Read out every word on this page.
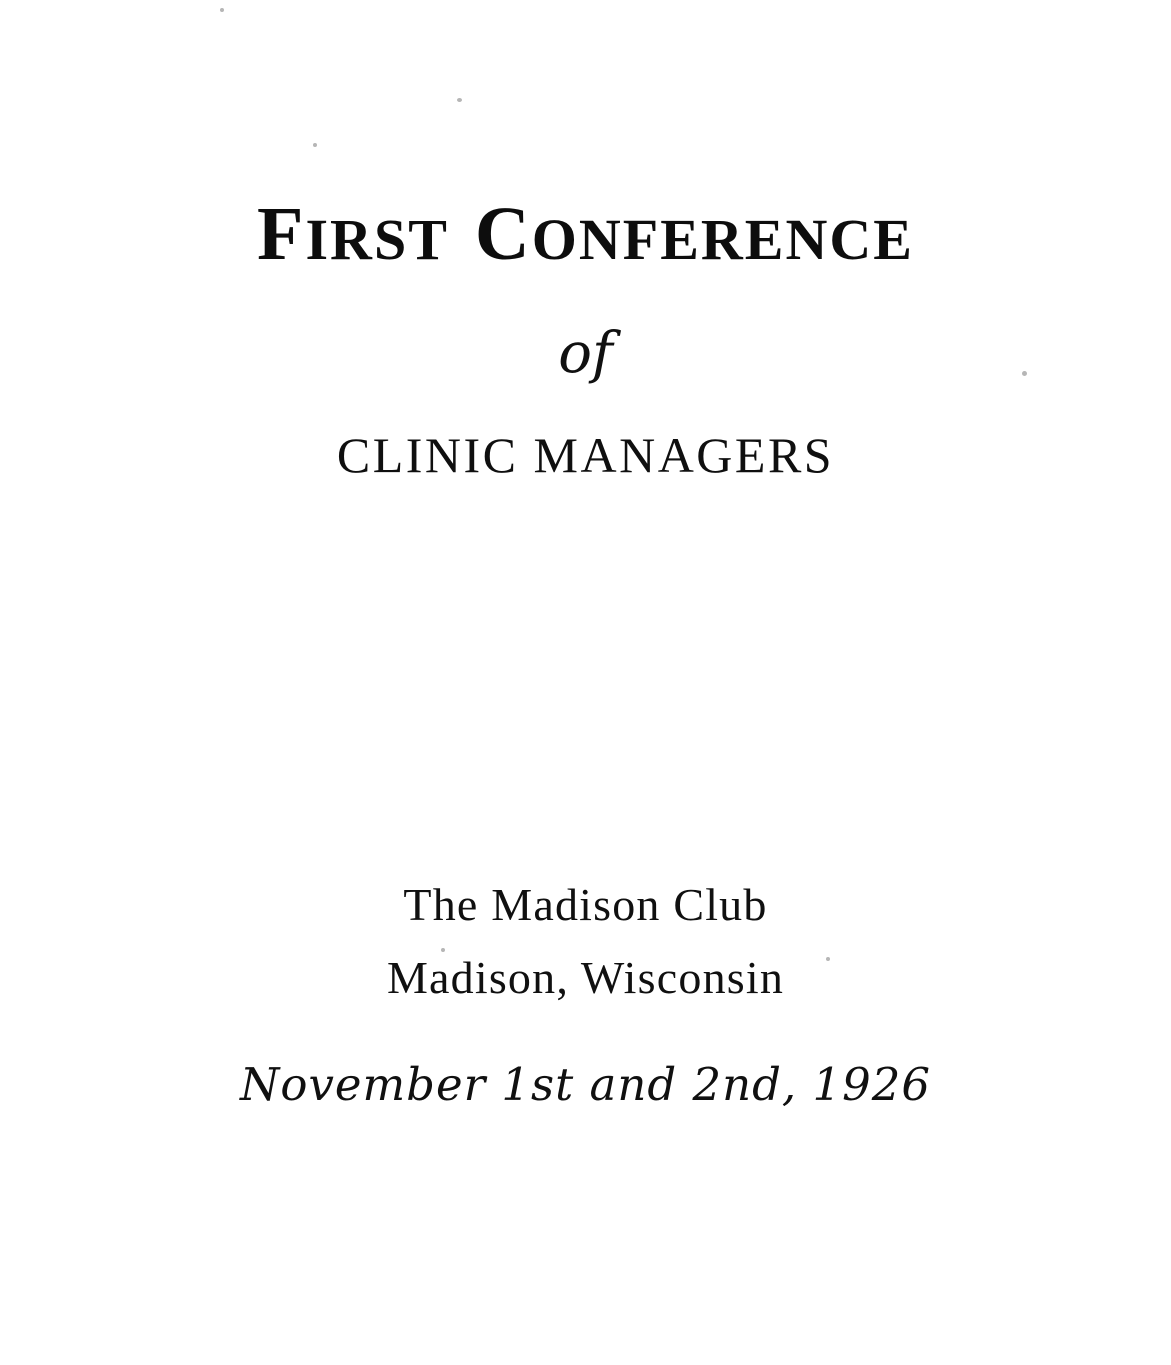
FIRST CONFERENCE
of
CLINIC MANAGERS
The Madison Club
Madison, Wisconsin
November 1st and 2nd, 1926
